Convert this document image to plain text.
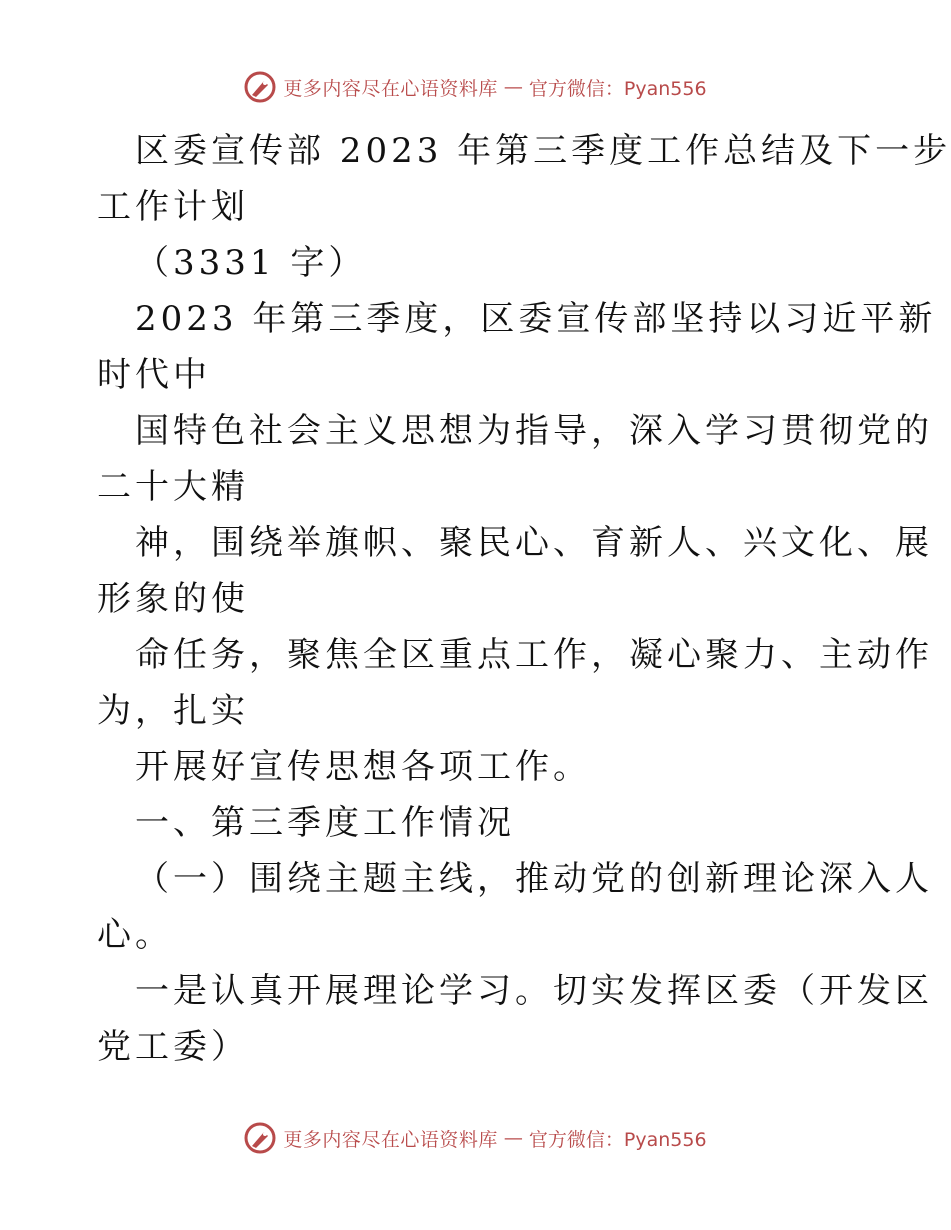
更多内容尽在心语资料库 — 官方微信：Pyan556
区委宣传部 2023 年第三季度工作总结及下一步
工作计划
（3331 字）
2023 年第三季度，区委宣传部坚持以习近平新
时代中
国特色社会主义思想为指导，深入学习贯彻党的
二十大精
神，围绕举旗帜、聚民心、育新人、兴文化、展
形象的使
命任务，聚焦全区重点工作，凝心聚力、主动作
为，扎实
开展好宣传思想各项工作。
一、第三季度工作情况
（一）围绕主题主线，推动党的创新理论深入人
心。
一是认真开展理论学习。切实发挥区委（开发区
党工委）
更多内容尽在心语资料库 — 官方微信：Pyan556
